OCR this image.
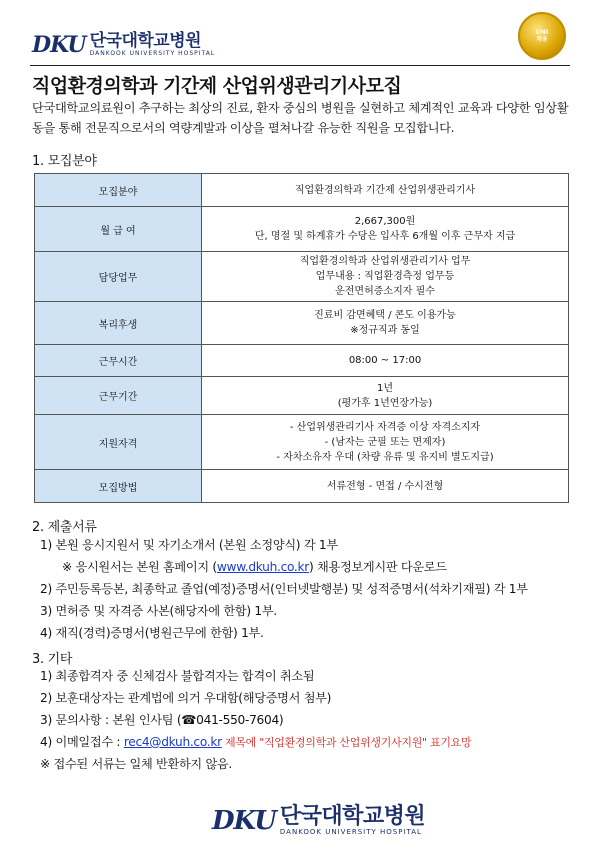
DKU 단국대학교병원
DANKOOK UNIVERSITY HOSPITAL
UNI
채용
직업환경의학과 기간제 산업위생관리기사모집
단국대학교의료원이 추구하는 최상의 진료, 환자 중심의 병원을 실현하고 체계적인 교육과 다양한 임상활동을 통해 전문직으로서의 역량계발과 이상을 펼쳐나갈 유능한 직원을 모집합니다.
1. 모집분야
모집분야	직업환경의학과 기간제 산업위생관리기사

월 급 여	2,667,300원
단, 명절 및 하계휴가 수당은 입사후 6개월 이후 근무자 지급

담당업무	직업환경의학과 산업위생관리기사 업무
업무내용 : 직업환경측정 업무등
운전면허증소지자 필수

복리후생	진료비 감면혜택 / 콘도 이용가능
※정규직과 동일

근무시간	08:00 ~ 17:00

근무기간	1년
(평가후 1년연장가능)

지원자격	- 산업위생관리기사 자격증 이상 자격소지자
- (남자는 군필 또는 면제자)
- 자차소유자 우대 (차량 유류 및 유지비 별도지급)

모집방법	서류전형 - 면접 / 수시전형
2. 제출서류
1) 본원 응시지원서 및 자기소개서 (본원 소정양식) 각 1부
※ 응시원서는 본원 홈페이지 (www.dkuh.co.kr) 채용정보게시판 다운로드
2) 주민등록등본, 최종학교 졸업(예정)증명서(인터넷발행분) 및 성적증명서(석차기재필) 각 1부
3) 면허증 및 자격증 사본(해당자에 한함) 1부.
4) 재직(경력)증명서(병원근무에 한함) 1부.
3. 기타
1) 최종합격자 중 신체검사 불합격자는 합격이 취소됨
2) 보훈대상자는 관계법에 의거 우대함(해당증명서 첨부)
3) 문의사항 : 본원 인사팀 (☎041-550-7604)
4) 이메일접수 : rec4@dkuh.co.kr 제목에 "직업환경의학과 산업위생기사지원" 표기요망
※ 접수된 서류는 일체 반환하지 않음.
DKU 단국대학교병원
DANKOOK UNIVERSITY HOSPITAL
